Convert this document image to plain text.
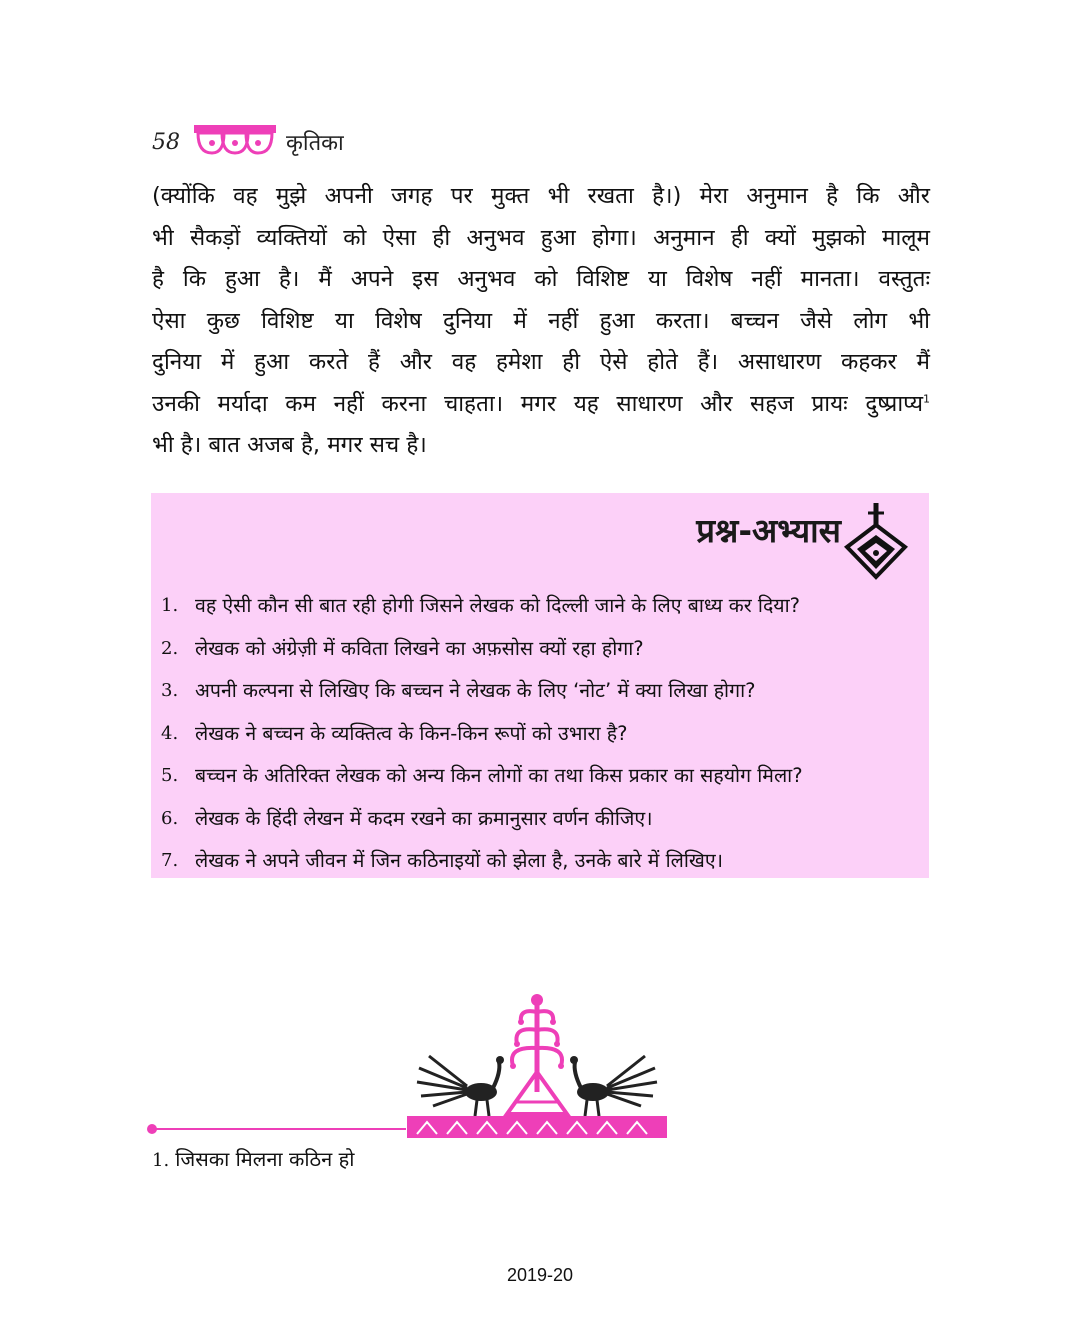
58	कृतिका

(क्योंकि वह मुझे अपनी जगह पर मुक्त भी रखता है।) मेरा अनुमान है कि और
भी सैकड़ों व्यक्तियों को ऐसा ही अनुभव हुआ होगा। अनुमान ही क्यों मुझको मालूम
है कि हुआ है। मैं अपने इस अनुभव को विशिष्ट या विशेष नहीं मानता। वस्तुतः
ऐसा कुछ विशिष्ट या विशेष दुनिया में नहीं हुआ करता। बच्चन जैसे लोग भी
दुनिया में हुआ करते हैं और वह हमेशा ही ऐसे होते हैं। असाधारण कहकर मैं
उनकी मर्यादा कम नहीं करना चाहता। मगर यह साधारण और सहज प्रायः दुष्प्राप्य$^1$
भी है। बात अजब है, मगर सच है।

प्रश्न-अभ्यास
1. वह ऐसी कौन सी बात रही होगी जिसने लेखक को दिल्ली जाने के लिए बाध्य कर दिया?
2. लेखक को अंग्रेज़ी में कविता लिखने का अफ़सोस क्यों रहा होगा?
3. अपनी कल्पना से लिखिए कि बच्चन ने लेखक के लिए ‘नोट’ में क्या लिखा होगा?
4. लेखक ने बच्चन के व्यक्तित्व के किन-किन रूपों को उभारा है?
5. बच्चन के अतिरिक्त लेखक को अन्य किन लोगों का तथा किस प्रकार का सहयोग मिला?
6. लेखक के हिंदी लेखन में कदम रखने का क्रमानुसार वर्णन कीजिए।
7. लेखक ने अपने जीवन में जिन कठिनाइयों को झेला है, उनके बारे में लिखिए।
1. जिसका मिलना कठिन हो
2019-20
